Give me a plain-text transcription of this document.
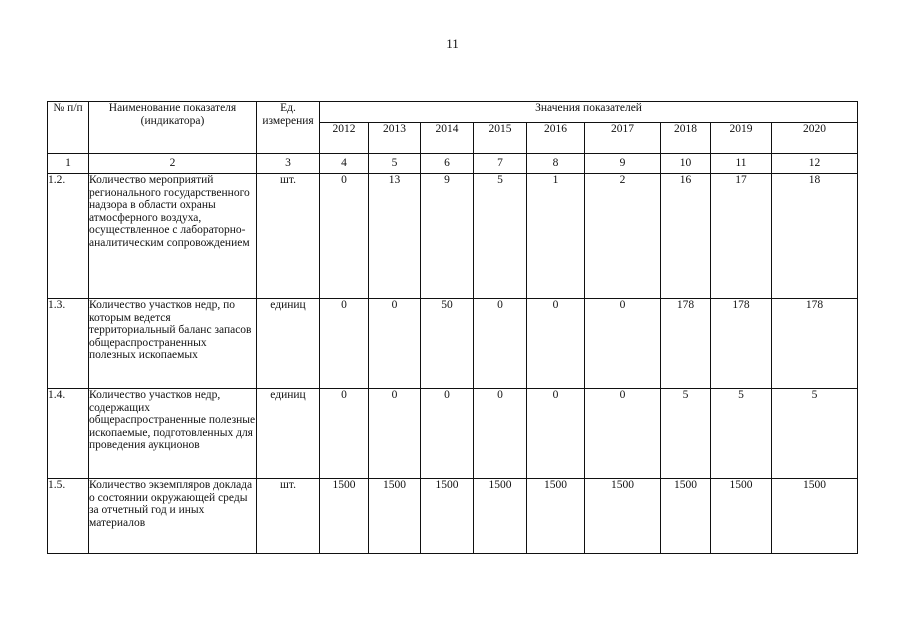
11
№ п/п	Наименование показателя (индикатора)	Ед. измерения	Значения показателей								
			2012	2013	2014	2015	2016	2017	2018	2019	2020
1	2	3	4	5	6	7	8	9	10	11	12
1.2.	Количество мероприятий регионального государственного надзора в области охраны атмосферного воздуха, осуществленное с лабораторно-аналитическим сопровождением	шт.	0	13	9	5	1	2	16	17	18
1.3.	Количество участков недр, по которым ведется территориальный баланс запасов общераспространенных полезных ископаемых	единиц	0	0	50	0	0	0	178	178	178
1.4.	Количество участков недр, содержащих общераспространенные полезные ископаемые, подготовленных для проведения аукционов	единиц	0	0	0	0	0	0	5	5	5
1.5.	Количество экземпляров доклада о состоянии окружающей среды за отчетный год и иных материалов	шт.	1500	1500	1500	1500	1500	1500	1500	1500	1500
